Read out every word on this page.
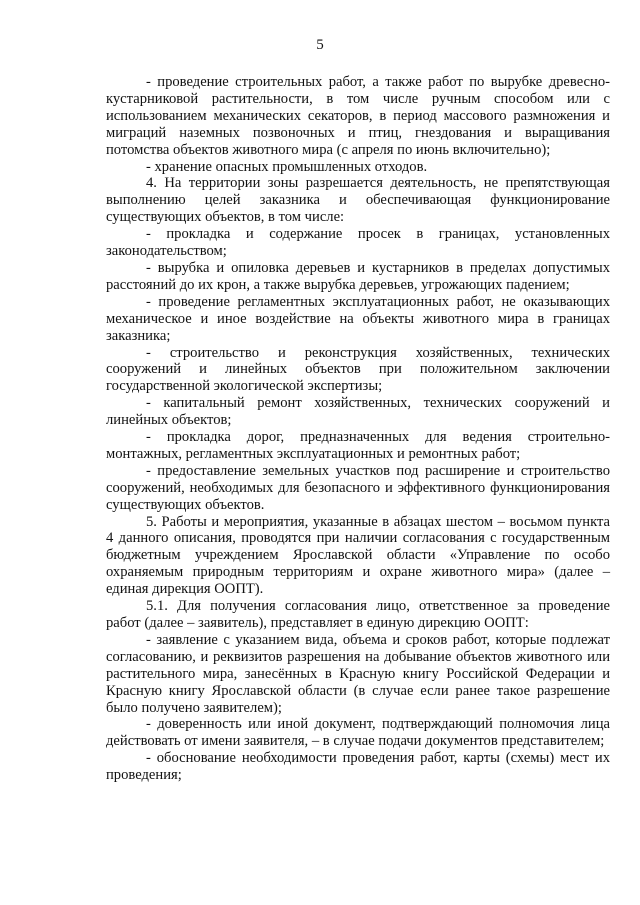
5

- проведение строительных работ, а также работ по вырубке древесно-кустарниковой растительности, в том числе ручным способом или с использованием механических секаторов, в период массового размножения и миграций наземных позвоночных и птиц, гнездования и выращивания потомства объектов животного мира (с апреля по июнь включительно);

- хранение опасных промышленных отходов.

4. На территории зоны разрешается деятельность, не препятствующая выполнению целей заказника и обеспечивающая функционирование существующих объектов, в том числе:

- прокладка и содержание просек в границах, установленных законодательством;

- вырубка и опиловка деревьев и кустарников в пределах допустимых расстояний до их крон, а также вырубка деревьев, угрожающих падением;

- проведение регламентных эксплуатационных работ, не оказывающих механическое и иное воздействие на объекты животного мира в границах заказника;

- строительство и реконструкция хозяйственных, технических сооружений и линейных объектов при положительном заключении государственной экологической экспертизы;

- капитальный ремонт хозяйственных, технических сооружений и линейных объектов;

- прокладка дорог, предназначенных для ведения строительно-монтажных, регламентных эксплуатационных и ремонтных работ;

- предоставление земельных участков под расширение и строительство сооружений, необходимых для безопасного и эффективного функционирования существующих объектов.

5. Работы и мероприятия, указанные в абзацах шестом – восьмом пункта 4 данного описания, проводятся при наличии согласования с государственным бюджетным учреждением Ярославской области «Управление по особо охраняемым природным территориям и охране животного мира» (далее – единая дирекция ООПТ).

5.1. Для получения согласования лицо, ответственное за проведение работ (далее – заявитель), представляет в единую дирекцию ООПТ:

- заявление с указанием вида, объема и сроков работ, которые подлежат согласованию, и реквизитов разрешения на добывание объектов животного или растительного мира, занесённых в Красную книгу Российской Федерации и Красную книгу Ярославской области (в случае если ранее такое разрешение было получено заявителем);

- доверенность или иной документ, подтверждающий полномочия лица действовать от имени заявителя, – в случае подачи документов представителем;

- обоснование необходимости проведения работ, карты (схемы) мест их проведения;
